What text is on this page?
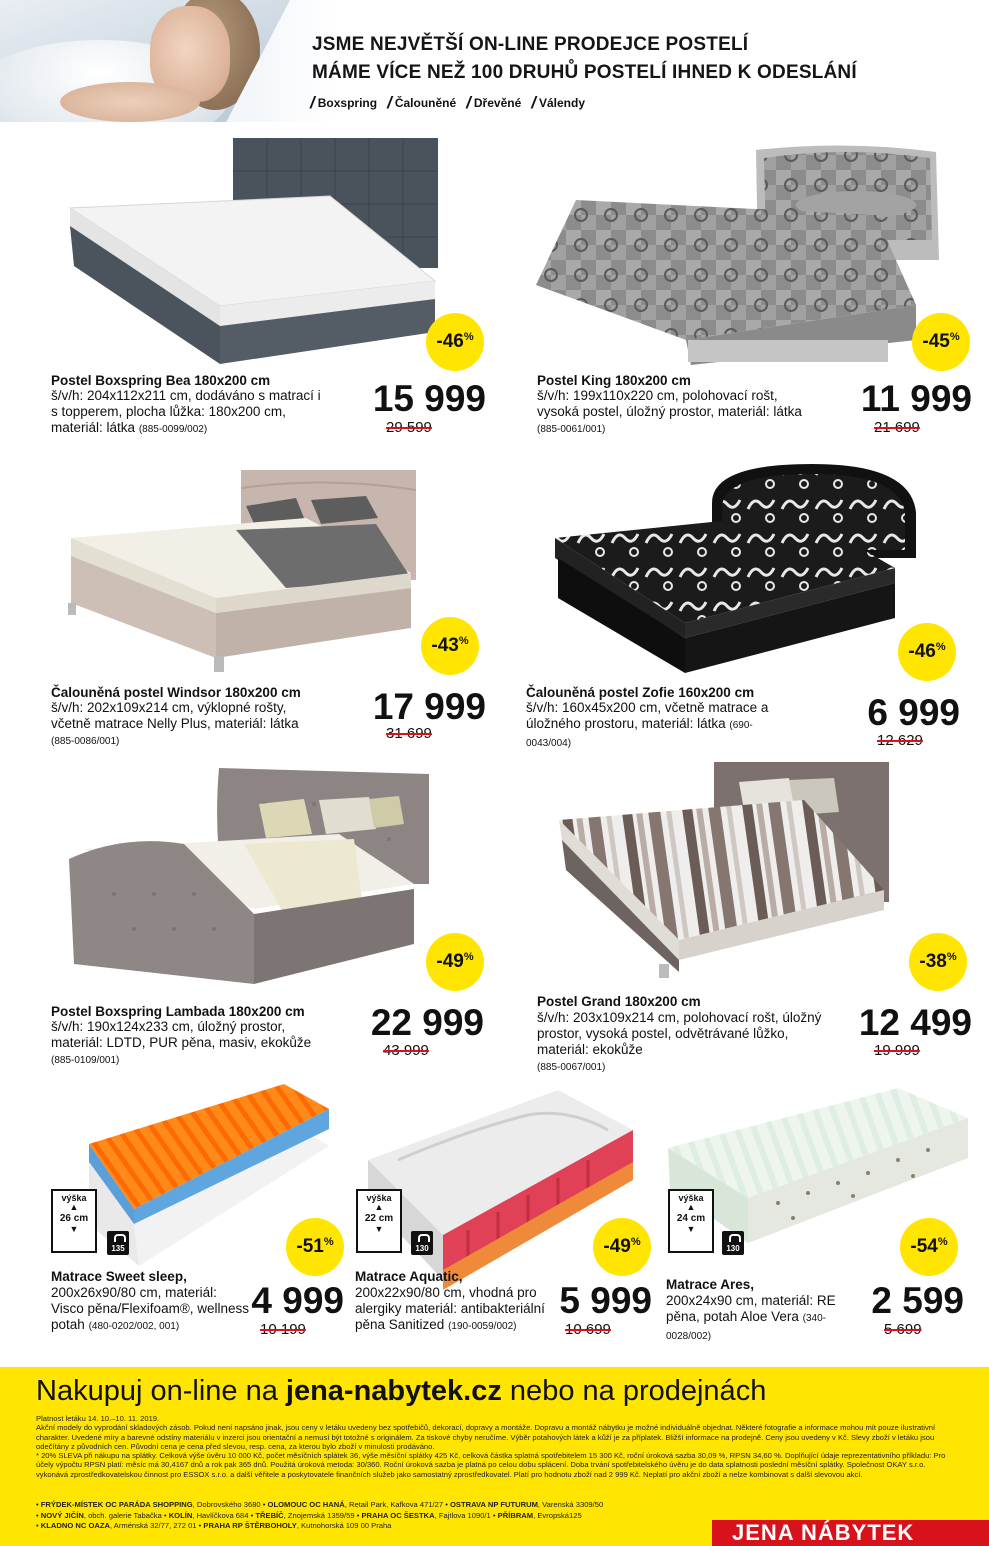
JSME NEJVĚTŠÍ ON-LINE PRODEJCE POSTELÍ
MÁME VÍCE NEŽ 100 DRUHŮ POSTELÍ IHNED K ODESLÁNÍ
/ Boxspring / Čalouněné / Dřevěné / Válendy
-46%
Postel Boxspring Bea 180x200 cm
š/v/h: 204x112x211 cm, dodáváno s matrací i s topperem, plocha lůžka: 180x200 cm, materiál: látka (885-0099/002)
15 999
29 599
-45%
Postel King 180x200 cm
š/v/h: 199x110x220 cm, polohovací rošt, vysoká postel, úložný prostor, materiál: látka (885-0061/001)
11 999
21 699
-43%
Čalouněná postel Windsor 180x200 cm
š/v/h: 202x109x214 cm, výklopné rošty, včetně matrace Nelly Plus, materiál: látka (885-0086/001)
17 999
31 699
-46%
Čalouněná postel Zofie 160x200 cm
š/v/h: 160x45x200 cm, včetně matrace a úložného prostoru, materiál: látka (690-0043/004)
6 999
12 629
-49%
Postel Boxspring Lambada 180x200 cm
š/v/h: 190x124x233 cm, úložný prostor, materiál: LDTD, PUR pěna, masiv, ekokůže (885-0109/001)
22 999
43 999
-38%
Postel Grand 180x200 cm
š/v/h: 203x109x214 cm, polohovací rošt, úložný prostor, vysoká postel, odvětrávané lůžko, materiál: ekokůže
(885-0067/001)
12 499
19 999
výška
▲
26 cm
▼
135	-51%
Matrace Sweet sleep,
200x26x90/80 cm, materiál: Visco pěna/Flexifoam®, wellness potah (480-0202/002, 001)
4 999
10 199
výška
▲
22 cm
▼
130	-49%
Matrace Aquatic,
200x22x90/80 cm, vhodná pro alergiky materiál: antibakteriální pěna Sanitized (190-0059/002)
5 999
10 699
výška
▲
24 cm
▼
130	-54%
Matrace Ares,
200x24x90 cm, materiál: RE pěna, potah Aloe Vera (340-0028/002)
2 599
5 699
Nakupuj on-line na jena-nabytek.cz nebo na prodejnách
Platnost letáku 14. 10.–10. 11. 2019.
Akční modely do vyprodání skladových zásob. Pokud není napsáno jinak, jsou ceny v letáku uvedeny bez spotřebičů, dekorací, dopravy a montáže. Dopravu a montáž nábytku je možné individuálně objednat. Některé fotografie a informace mohou mít pouze ilustrativní charakter. Uvedené míry a barevné odstíny materiálu v inzerci jsou orientační a nemusí být totožné s originálem. Za tiskové chyby neručíme. Výběr potahových látek a kůží je za příplatek. Bližší informace na prodejně. Ceny jsou uvedeny v Kč. Slevy zboží v letáku jsou odečítány z původních cen. Původní cena je cena před slevou, resp. cena, za kterou bylo zboží v minulosti prodáváno.
* 20% SLEVA při nákupu na splátky. Celková výše úvěru 10 000 Kč, počet měsíčních splátek 36, výše měsíční splátky 425 Kč, celková částka splatná spotřebitelem 15 300 Kč, roční úroková sazba 30,09 %, RPSN 34,60 %. Doplňující údaje reprezentativního příkladu: Pro účely výpočtu RPSN platí: měsíc má 30,4167 dnů a rok pak 365 dnů. Použitá úroková metoda: 30/360. Roční úroková sazba je platná po celou dobu splácení. Doba trvání spotřebitelského úvěru je do data splatnosti poslední měsíční splátky. Společnost OKAY s.r.o. vykonává zprostředkovatelskou činnost pro ESSOX s.r.o. a další věřitele a poskytovatele finančních služeb jako samostatný zprostředkovatel. Platí pro hodnotu zboží nad 2 999 Kč. Neplatí pro akční zboží a nelze kombinovat s další slevovou akcí.
• FRÝDEK-MÍSTEK OC PARÁDA SHOPPING, Dobrovského 3680 • OLOMOUC OC HANÁ, Retail Park, Kafkova 471/27 • OSTRAVA NP FUTURUM, Varenská 3309/50
• NOVÝ JIČÍN, obch. galerie Tabačka • KOLÍN, Havlíčkova 684 • TŘEBÍČ, Znojemská 1359/59 • PRAHA OC ŠESTKA, Fajtlova 1090/1 • PŘÍBRAM, Evropská125
• KLADNO NC OAZA, Arménská 32/77, 272 01 • PRAHA RP ŠTĚRBOHOLY, Kutnohorská 109 00 Praha	JENA NÁBYTEK
